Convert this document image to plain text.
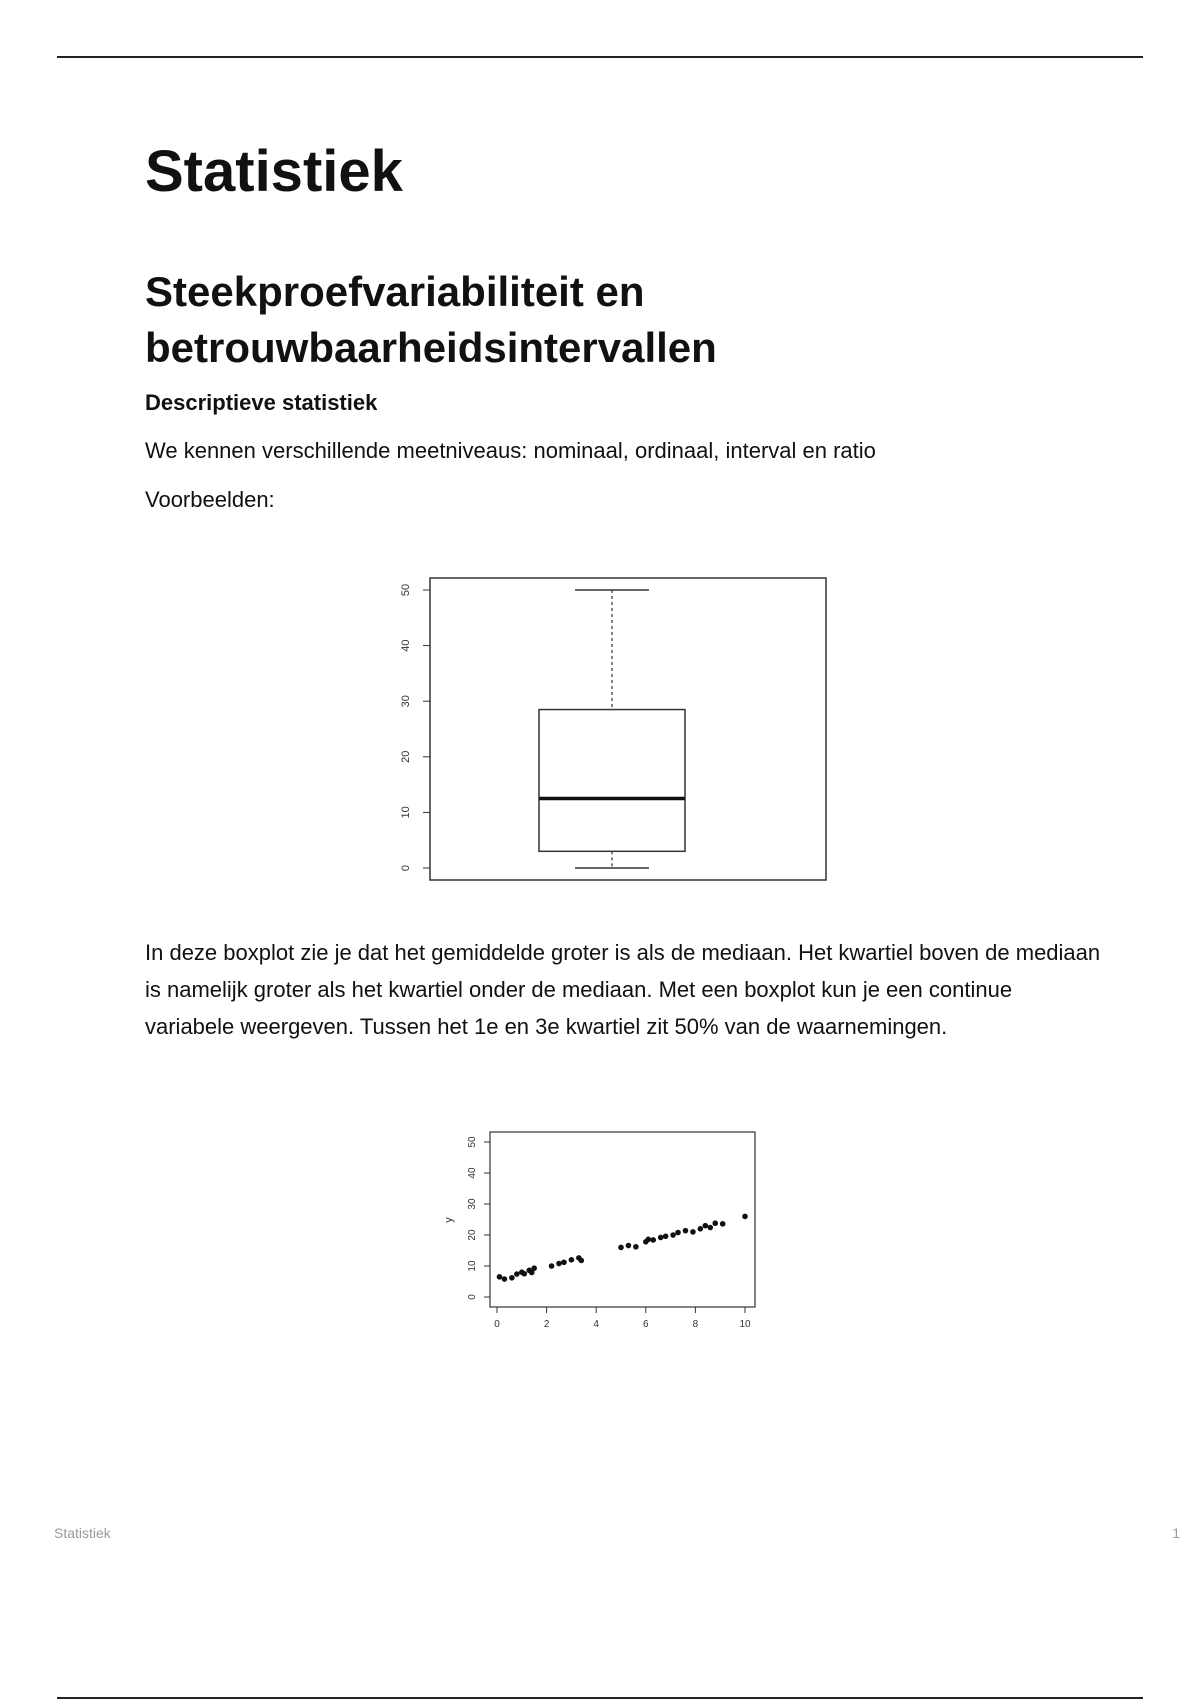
Statistiek
Steekproefvariabiliteit en betrouwbaarheidsintervallen
Descriptieve statistiek

We kennen verschillende meetniveaus: nominaal, ordinaal, interval en ratio

Voorbeelden:

In deze boxplot zie je dat het gemiddelde groter is als de mediaan. Het kwartiel boven de mediaan is namelijk groter als het kwartiel onder de mediaan. Met een boxplot kun je een continue variabele weergeven. Tussen het 1e en 3e kwartiel zit 50% van de waarnemingen.

0
10
20
30
40
50
0
10
20
30
40
50
0	2	4	6	8	10
y
Statistiek	1
